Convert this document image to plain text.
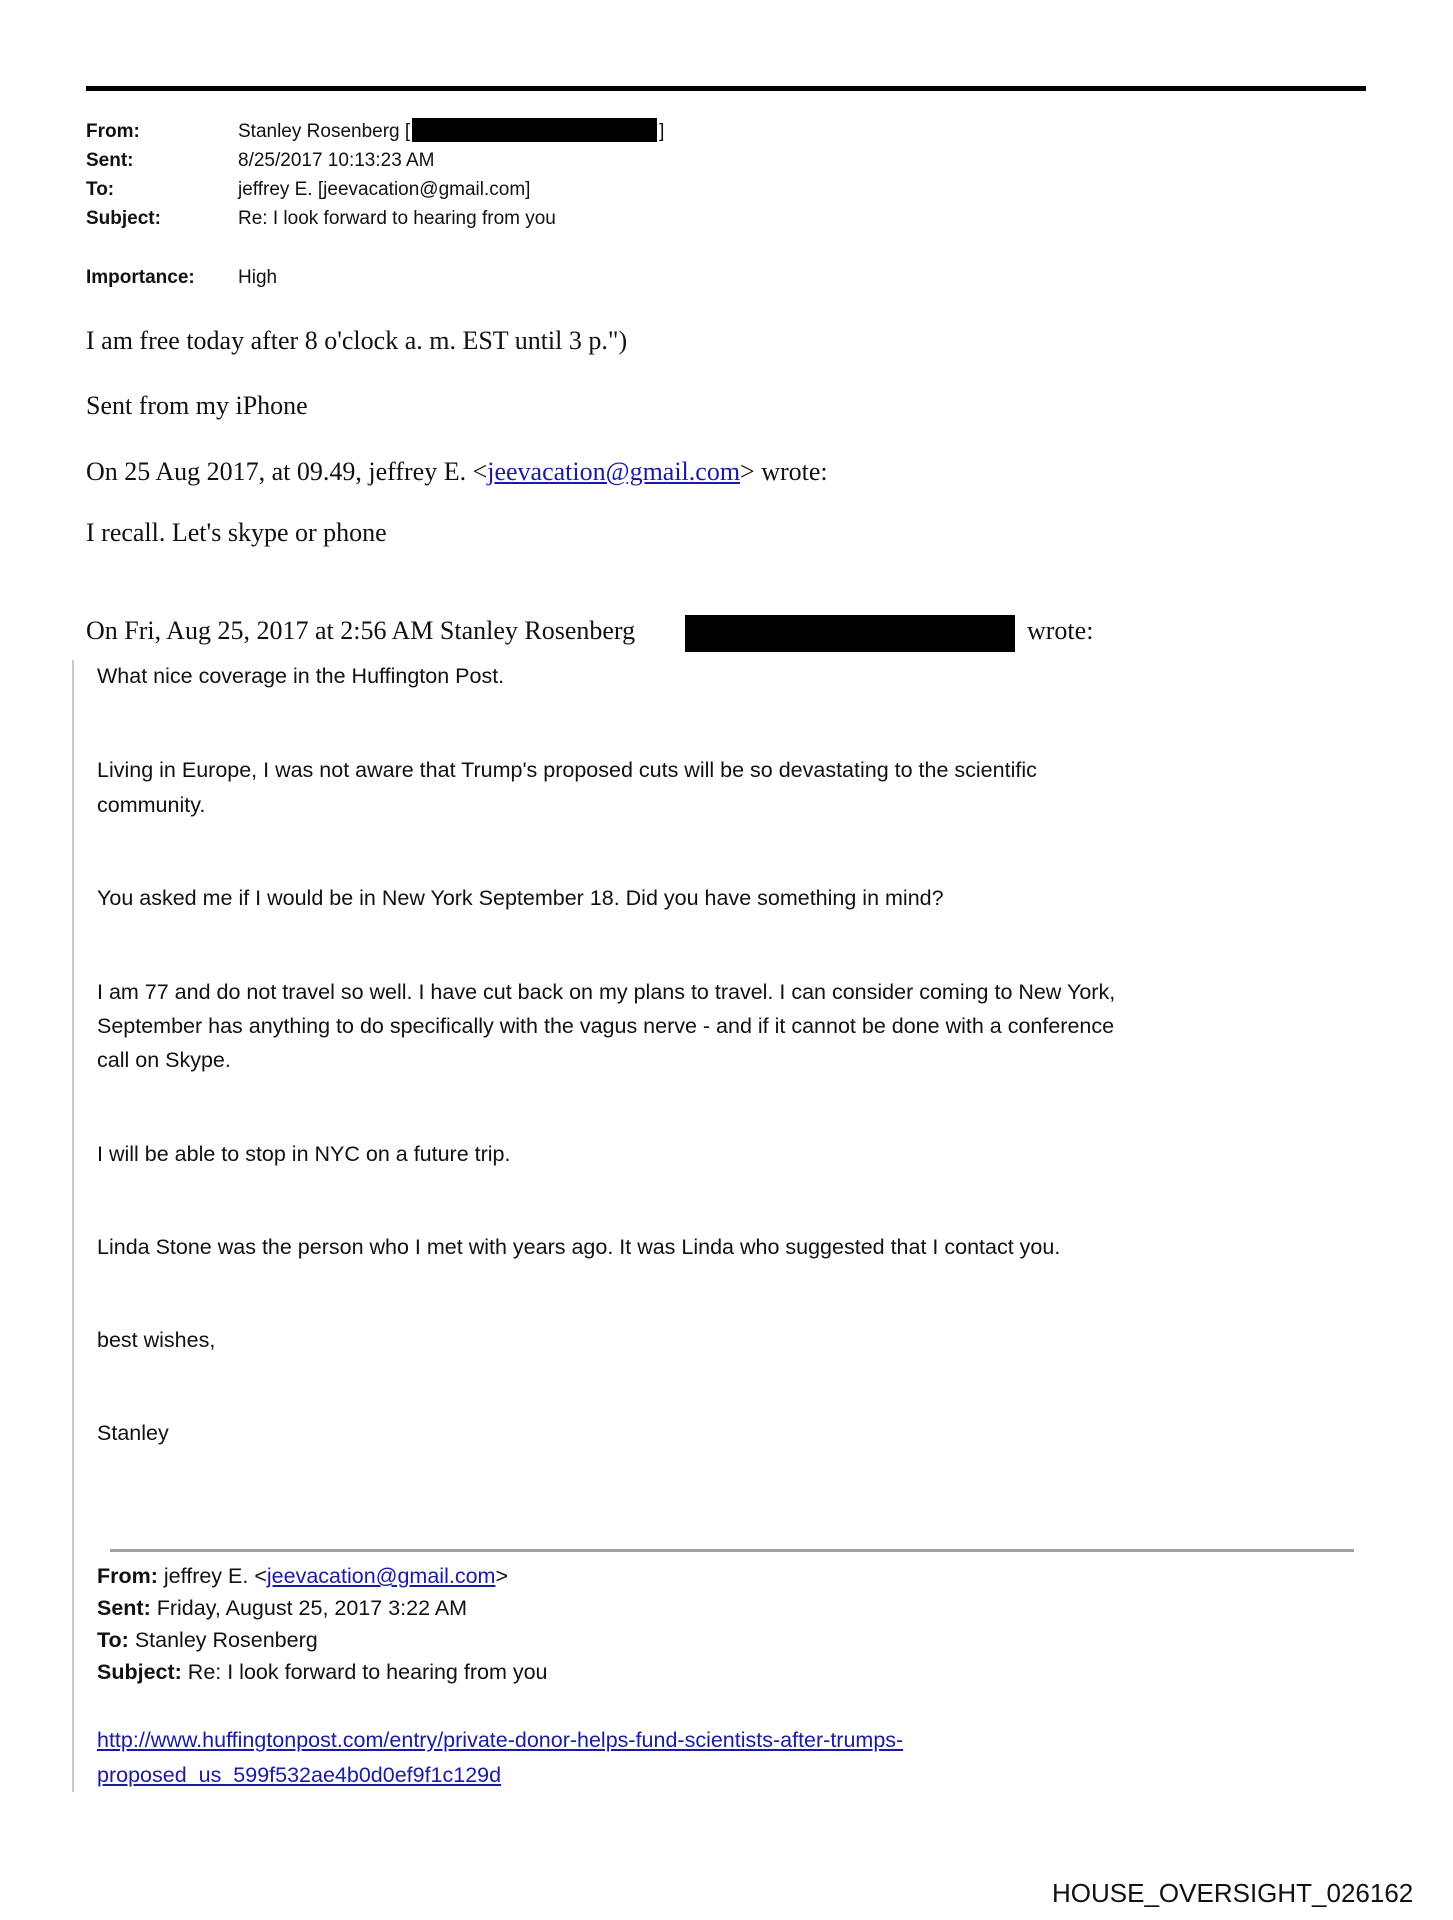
From:	Stanley Rosenberg [	]
Sent:	8/25/2017 10:13:23 AM
To:	jeffrey E. [jeevacation@gmail.com]
Subject:	Re: I look forward to hearing from you
Importance: High
I am free today after 8 o'clock a. m. EST until 3 p.")
Sent from my iPhone
On 25 Aug 2017, at 09.49, jeffrey E. <jeevacation@gmail.com> wrote:
I recall. Let's skype or phone
On Fri, Aug 25, 2017 at 2:56 AM Stanley Rosenberg	wrote:
What nice coverage in the Huffington Post.
Living in Europe, I was not aware that Trump's proposed cuts will be so devastating to the scientific
community.
You asked me if I would be in New York September 18. Did you have something in mind?
I am 77 and do not travel so well. I have cut back on my plans to travel. I can consider coming to New York,
September has anything to do specifically with the vagus nerve - and if it cannot be done with a conference
call on Skype.
I will be able to stop in NYC on a future trip.
Linda Stone was the person who I met with years ago. It was Linda who suggested that I contact you.
best wishes,
Stanley
From: jeffrey E. <jeevacation@gmail.com>
Sent: Friday, August 25, 2017 3:22 AM
To: Stanley Rosenberg
Subject: Re: I look forward to hearing from you
http://www.huffingtonpost.com/entry/private-donor-helps-fund-scientists-after-trumps-
proposed_us_599f532ae4b0d0ef9f1c129d
HOUSE_OVERSIGHT_026162
